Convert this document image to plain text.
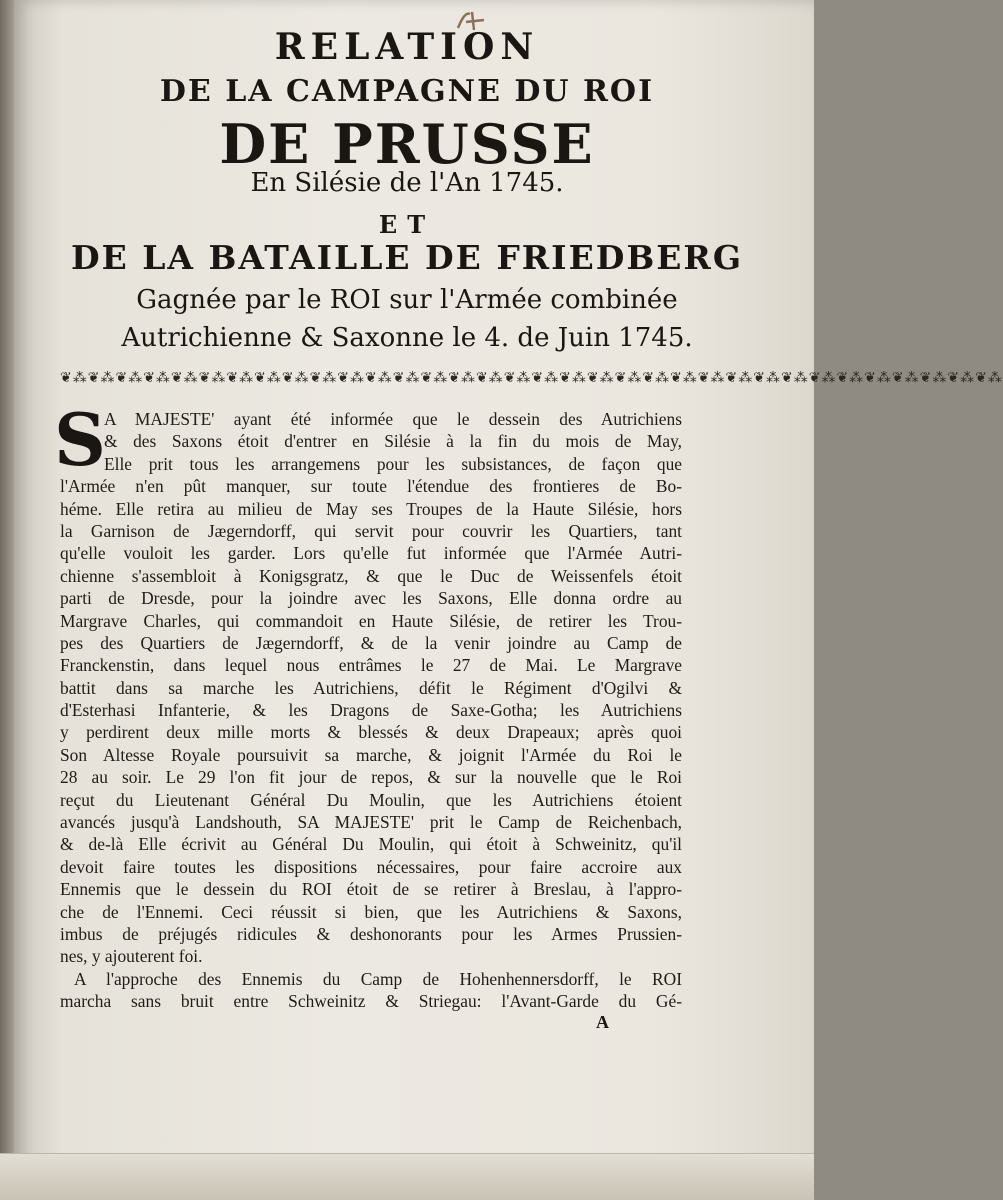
RELATION
DE LA CAMPAGNE DU ROI
DE PRUSSE
En Silésie de l'An 1745.
ET
DE LA BATAILLE DE FRIEDBERG
Gagnée par le ROI sur l'Armée combinée
Autrichienne & Saxonne le 4. de Juin 1745.
❦⁂❦⁂❦⁂❦⁂❦⁂❦⁂❦⁂❦⁂❦⁂❦⁂❦⁂❦⁂❦⁂❦⁂❦⁂❦⁂❦⁂❦⁂❦⁂❦⁂❦⁂❦⁂❦⁂❦⁂❦⁂❦⁂❦⁂❦⁂❦⁂❦⁂❦⁂❦⁂❦⁂❦⁂
S
A MAJESTE' ayant été informée que le dessein des Autrichiens
& des Saxons étoit d'entrer en Silésie à la fin du mois de May,
Elle prit tous les arrangemens pour les subsistances, de façon que
l'Armée n'en pût manquer, sur toute l'étendue des frontieres de Bo-
héme. Elle retira au milieu de May ses Troupes de la Haute Silésie, hors
la Garnison de Jægerndorff, qui servit pour couvrir les Quartiers, tant
qu'elle vouloit les garder. Lors qu'elle fut informée que l'Armée Autri-
chienne s'assembloit à Konigsgratz, & que le Duc de Weissenfels étoit
parti de Dresde, pour la joindre avec les Saxons, Elle donna ordre au
Margrave Charles, qui commandoit en Haute Silésie, de retirer les Trou-
pes des Quartiers de Jægerndorff, & de la venir joindre au Camp de
Franckenstin, dans lequel nous entrâmes le 27 de Mai. Le Margrave
battit dans sa marche les Autrichiens, défit le Régiment d'Ogilvi &
d'Esterhasi Infanterie, & les Dragons de Saxe-Gotha; les Autrichiens
y perdirent deux mille morts & blessés & deux Drapeaux; après quoi
Son Altesse Royale poursuivit sa marche, & joignit l'Armée du Roi le
28 au soir. Le 29 l'on fit jour de repos, & sur la nouvelle que le Roi
reçut du Lieutenant Général Du Moulin, que les Autrichiens étoient
avancés jusqu'à Landshouth, SA MAJESTE' prit le Camp de Reichenbach,
& de-là Elle écrivit au Général Du Moulin, qui étoit à Schweinitz, qu'il
devoit faire toutes les dispositions nécessaires, pour faire accroire aux
Ennemis que le dessein du ROI étoit de se retirer à Breslau, à l'appro-
che de l'Ennemi. Ceci réussit si bien, que les Autrichiens & Saxons,
imbus de préjugés ridicules & deshonorants pour les Armes Prussien-
nes, y ajouterent foi.
A l'approche des Ennemis du Camp de Hohenhennersdorff, le ROI
marcha sans bruit entre Schweinitz & Striegau: l'Avant-Garde du Gé-
A
